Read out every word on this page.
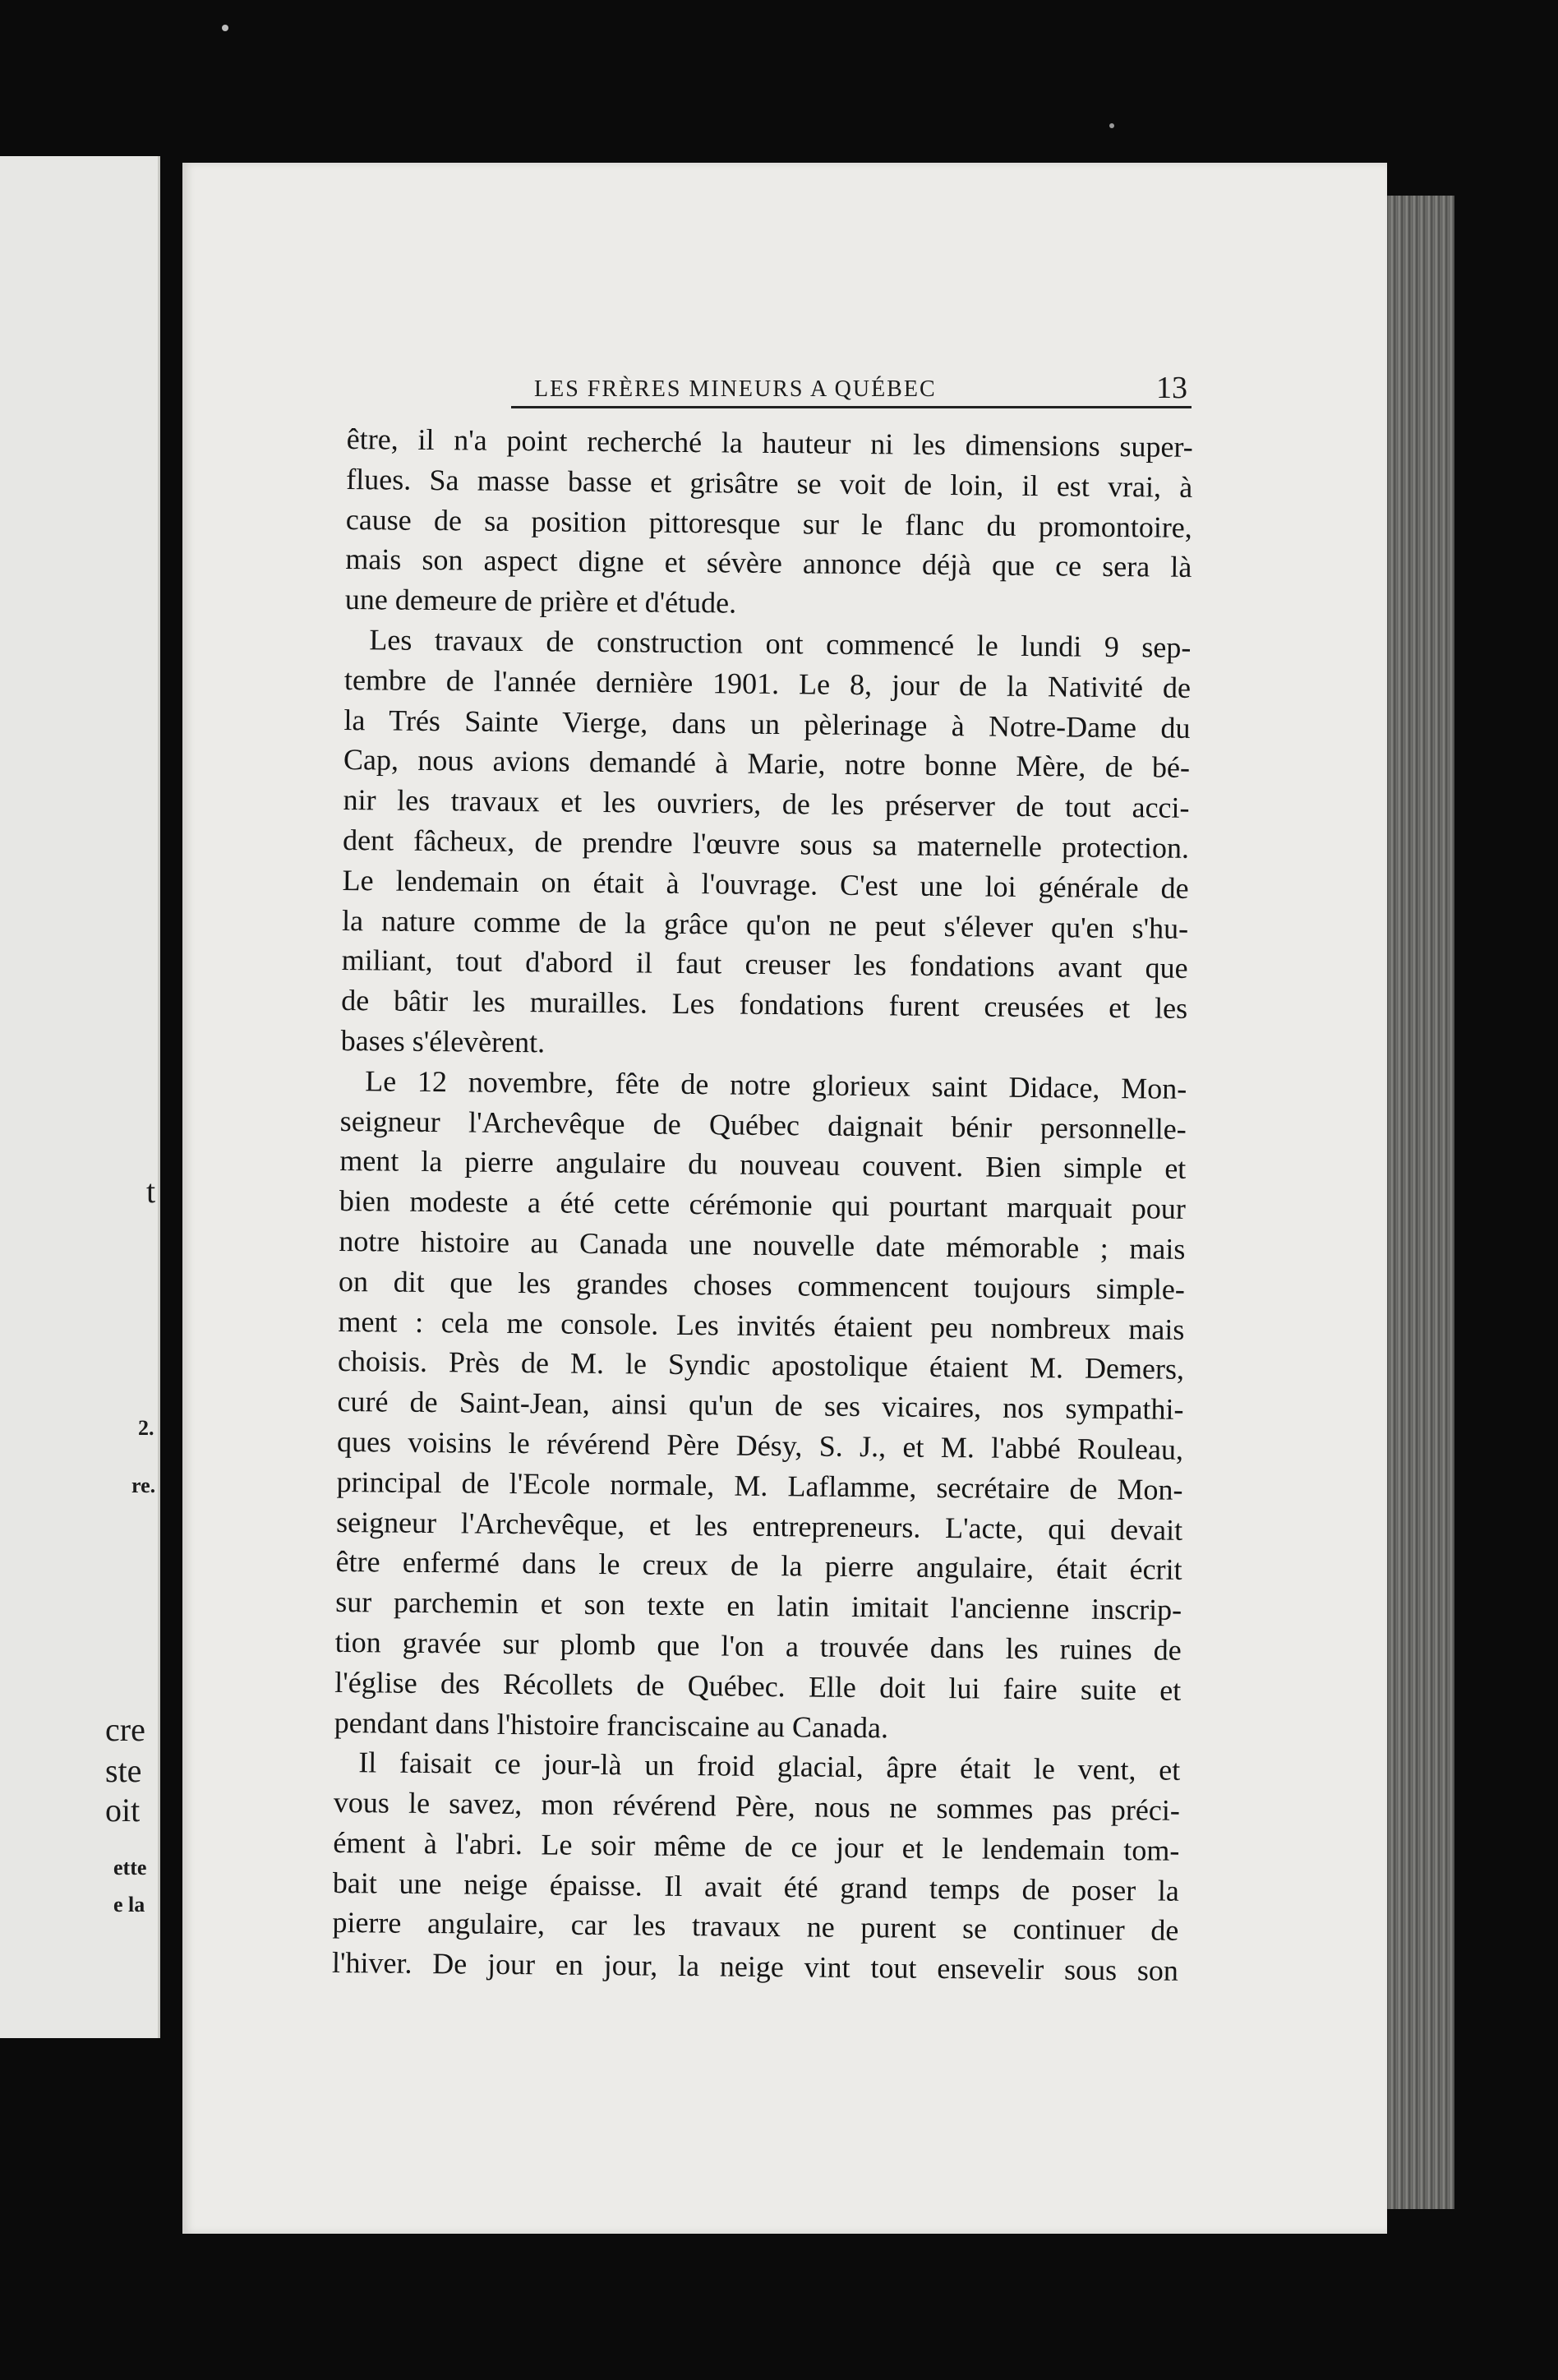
t
2.
re.
cre
ste
oit
ette
e la
LES FRÈRES MINEURS A QUÉBEC	13
être, il n'a point recherché la hauteur ni les dimensions super-
flues. Sa masse basse et grisâtre se voit de loin, il est vrai, à
cause de sa position pittoresque sur le flanc du promontoire,
mais son aspect digne et sévère annonce déjà que ce sera là
une demeure de prière et d'étude.
Les travaux de construction ont commencé le lundi 9 sep-
tembre de l'année dernière 1901. Le 8, jour de la Nativité de
la Trés Sainte Vierge, dans un pèlerinage à Notre-Dame du
Cap, nous avions demandé à Marie, notre bonne Mère, de bé-
nir les travaux et les ouvriers, de les préserver de tout acci-
dent fâcheux, de prendre l'œuvre sous sa maternelle protection.
Le lendemain on était à l'ouvrage. C'est une loi générale de
la nature comme de la grâce qu'on ne peut s'élever qu'en s'hu-
miliant, tout d'abord il faut creuser les fondations avant que
de bâtir les murailles. Les fondations furent creusées et les
bases s'élevèrent.
Le 12 novembre, fête de notre glorieux saint Didace, Mon-
seigneur l'Archevêque de Québec daignait bénir personnelle-
ment la pierre angulaire du nouveau couvent. Bien simple et
bien modeste a été cette cérémonie qui pourtant marquait pour
notre histoire au Canada une nouvelle date mémorable ; mais
on dit que les grandes choses commencent toujours simple-
ment : cela me console. Les invités étaient peu nombreux mais
choisis. Près de M. le Syndic apostolique étaient M. Demers,
curé de Saint-Jean, ainsi qu'un de ses vicaires, nos sympathi-
ques voisins le révérend Père Désy, S. J., et M. l'abbé Rouleau,
principal de l'Ecole normale, M. Laflamme, secrétaire de Mon-
seigneur l'Archevêque, et les entrepreneurs. L'acte, qui devait
être enfermé dans le creux de la pierre angulaire, était écrit
sur parchemin et son texte en latin imitait l'ancienne inscrip-
tion gravée sur plomb que l'on a trouvée dans les ruines de
l'église des Récollets de Québec. Elle doit lui faire suite et
pendant dans l'histoire franciscaine au Canada.
Il faisait ce jour-là un froid glacial, âpre était le vent, et
vous le savez, mon révérend Père, nous ne sommes pas préci-
ément à l'abri. Le soir même de ce jour et le lendemain tom-
bait une neige épaisse. Il avait été grand temps de poser la
pierre angulaire, car les travaux ne purent se continuer de
l'hiver. De jour en jour, la neige vint tout ensevelir sous son
